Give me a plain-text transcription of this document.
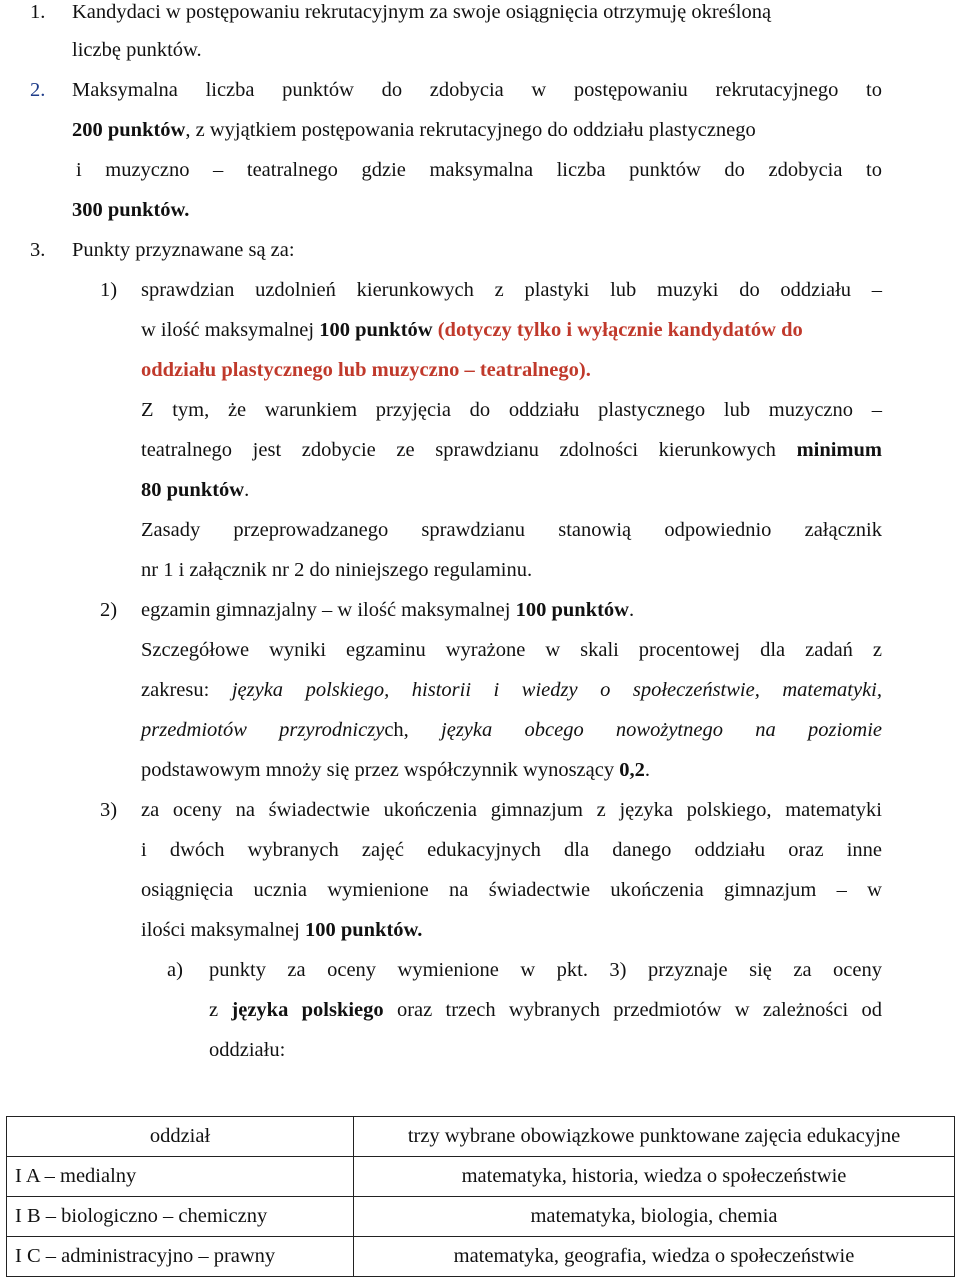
1. Kandydaci w postępowaniu rekrutacyjnym za swoje osiągnięcia otrzymuję określoną
liczbę punktów.
2. Maksymalna liczba punktów do zdobycia w postępowaniu rekrutacyjnego to
200 punktów, z wyjątkiem postępowania rekrutacyjnego do oddziału plastycznego
i muzyczno – teatralnego gdzie maksymalna liczba punktów do zdobycia to
300 punktów.
3. Punkty przyznawane są za:
1) sprawdzian uzdolnień kierunkowych z plastyki lub muzyki do oddziału –
w ilość maksymalnej 100 punktów (dotyczy tylko i wyłącznie kandydatów do
oddziału plastycznego lub muzyczno – teatralnego).
Z tym, że warunkiem przyjęcia do oddziału plastycznego lub muzyczno –
teatralnego jest zdobycie ze sprawdzianu zdolności kierunkowych minimum
80 punktów.
Zasady przeprowadzanego sprawdzianu stanowią odpowiednio załącznik
nr 1 i załącznik nr 2 do niniejszego regulaminu.
2) egzamin gimnazjalny – w ilość maksymalnej 100 punktów.
Szczegółowe wyniki egzaminu wyrażone w skali procentowej dla zadań z
zakresu: języka polskiego, historii i wiedzy o społeczeństwie, matematyki,
przedmiotów przyrodniczych, języka obcego nowożytnego na poziomie
podstawowym mnoży się przez współczynnik wynoszący 0,2.
3) za oceny na świadectwie ukończenia gimnazjum z języka polskiego, matematyki
i dwóch wybranych zajęć edukacyjnych dla danego oddziału oraz inne
osiągnięcia ucznia wymienione na świadectwie ukończenia gimnazjum – w
ilości maksymalnej 100 punktów.
a) punkty za oceny wymienione w pkt. 3) przyznaje się za oceny
z języka polskiego oraz trzech wybranych przedmiotów w zależności od
oddziału:
oddział	trzy wybrane obowiązkowe punktowane zajęcia edukacyjne
I A – medialny	matematyka, historia, wiedza o społeczeństwie
I B – biologiczno – chemiczny	matematyka, biologia, chemia
I C – administracyjno – prawny	matematyka, geografia, wiedza o społeczeństwie
